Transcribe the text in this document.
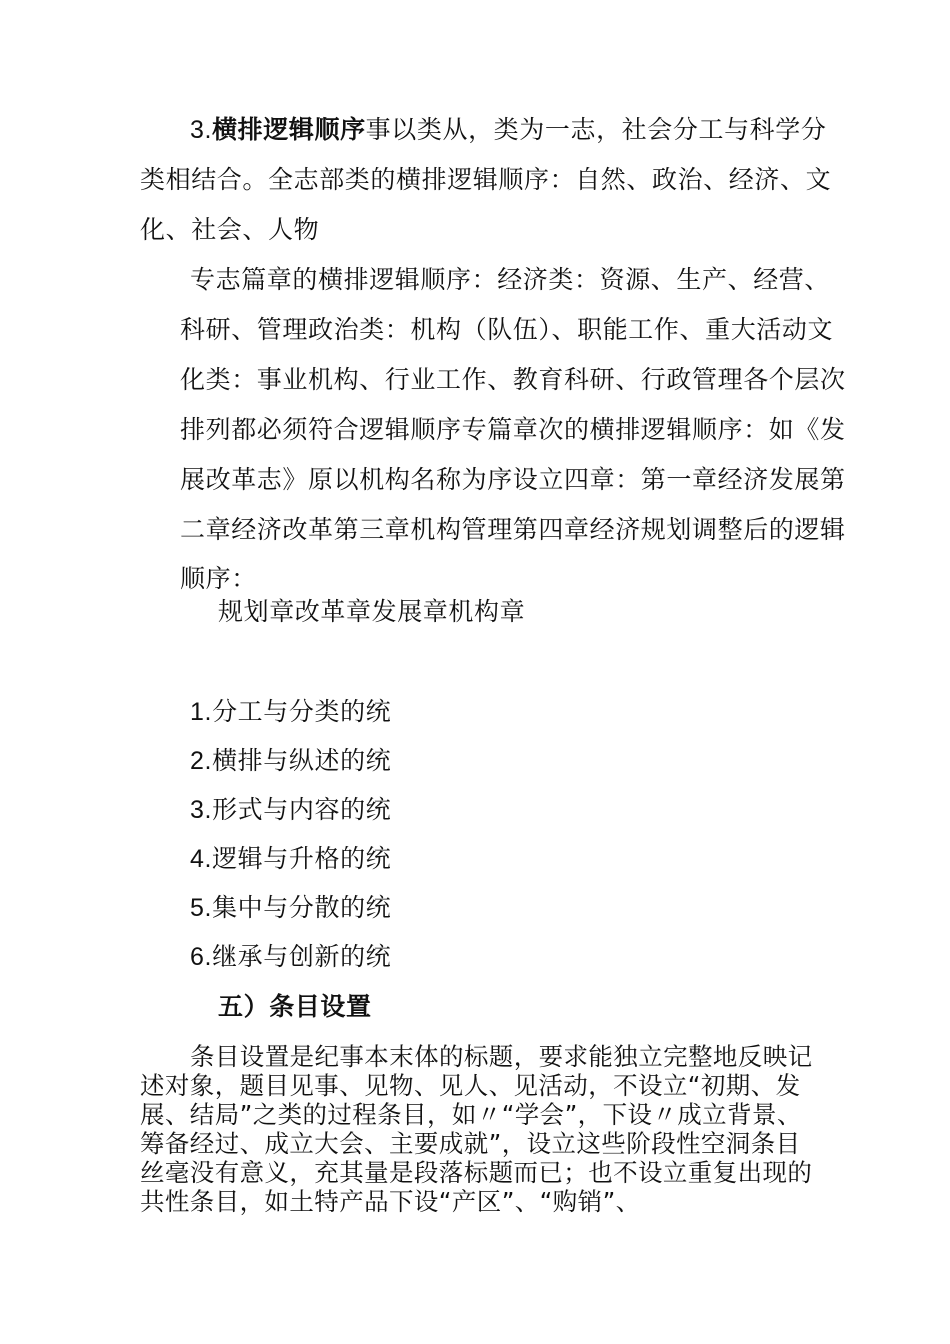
3.横排逻辑顺序事以类从，类为一志，社会分工与科学分
类相结合。全志部类的横排逻辑顺序：自然、政治、经济、文
化、社会、人物
专志篇章的横排逻辑顺序：经济类：资源、生产、经营、
科研、管理政治类：机构（队伍）、职能工作、重大活动文
化类：事业机构、行业工作、教育科研、行政管理各个层次
排列都必须符合逻辑顺序专篇章次的横排逻辑顺序：如《发
展改革志》原以机构名称为序设立四章：第一章经济发展第
二章经济改革第三章机构管理第四章经济规划调整后的逻辑
顺序：
规划章改革章发展章机构章
1.分工与分类的统
2.横排与纵述的统
3.形式与内容的统
4.逻辑与升格的统
5.集中与分散的统
6.继承与创新的统
五）条目设置
条目设置是纪事本末体的标题，要求能独立完整地反映记
述对象，题目见事、见物、见人、见活动，不设立“初期、发
展、结局”之类的过程条目，如〃“学会”，下设〃成立背景、
筹备经过、成立大会、主要成就”，设立这些阶段性空洞条目
丝毫没有意义，充其量是段落标题而已；也不设立重复出现的
共性条目，如土特产品下设“产区”、“购销”、
